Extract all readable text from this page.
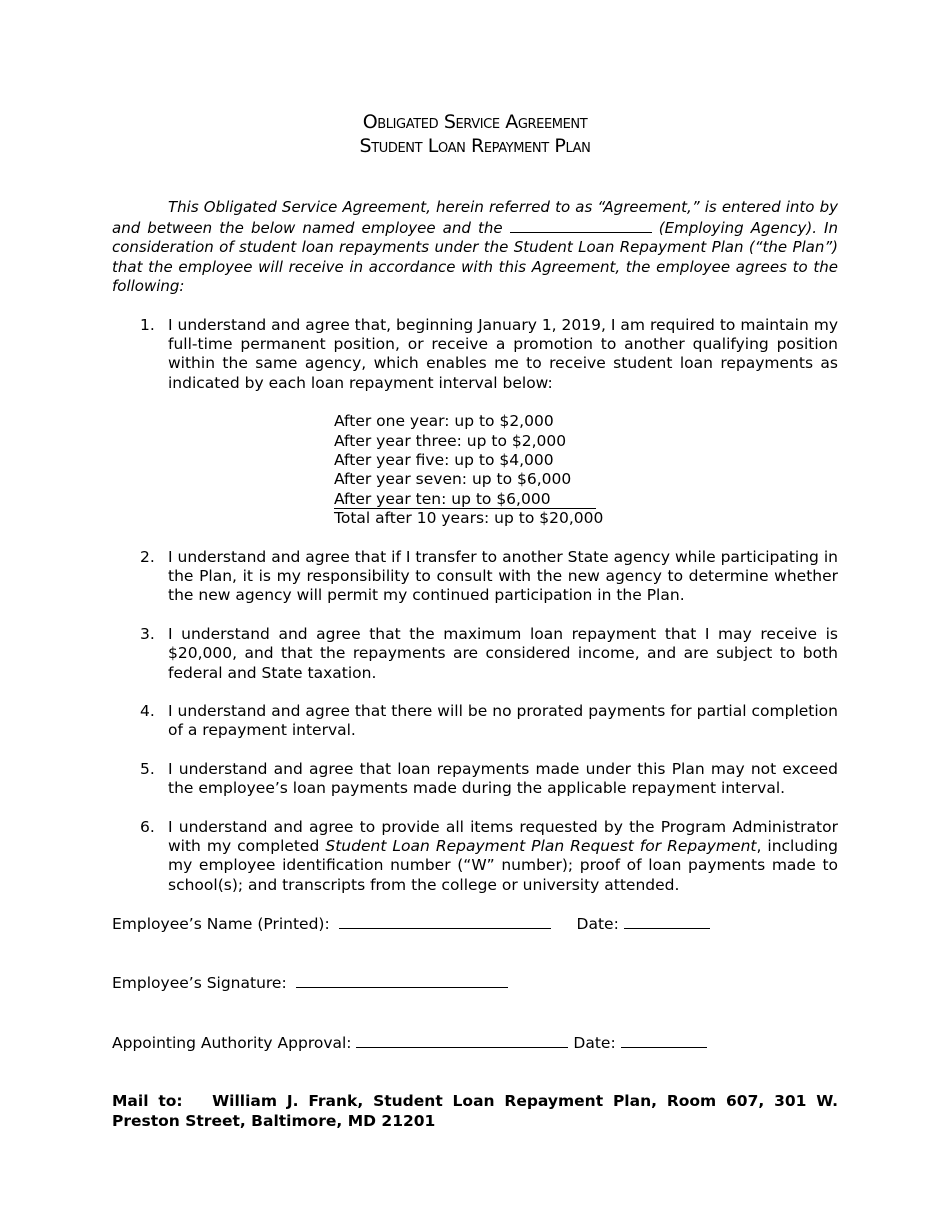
Obligated Service Agreement
Student Loan Repayment Plan
This Obligated Service Agreement, herein referred to as “Agreement,” is entered into by and between the below named employee and the	(Employing Agency). In consideration of student loan repayments under the Student Loan Repayment Plan (“the Plan”) that the employee will receive in accordance with this Agreement, the employee agrees to the following:
1. I understand and agree that, beginning January 1, 2019, I am required to maintain my full-time permanent position, or receive a promotion to another qualifying position within the same agency, which enables me to receive student loan repayments as indicated by each loan repayment interval below:
After one year: up to $2,000
After year three: up to $2,000
After year five: up to $4,000
After year seven: up to $6,000
After year ten: up to $6,000
Total after 10 years: up to $20,000
2. I understand and agree that if I transfer to another State agency while participating in the Plan, it is my responsibility to consult with the new agency to determine whether the new agency will permit my continued participation in the Plan.
3. I understand and agree that the maximum loan repayment that I may receive is $20,000, and that the repayments are considered income, and are subject to both federal and State taxation.
4. I understand and agree that there will be no prorated payments for partial completion of a repayment interval.
5. I understand and agree that loan repayments made under this Plan may not exceed the employee’s loan payments made during the applicable repayment interval.
6. I understand and agree to provide all items requested by the Program Administrator with my completed Student Loan Repayment Plan Request for Repayment, including my employee identification number (“W” number); proof of loan payments made to school(s); and transcripts from the college or university attended.
Employee’s Name (Printed):	Date:
Employee’s Signature:
Appointing Authority Approval:	Date:
Mail to: William J. Frank, Student Loan Repayment Plan, Room 607, 301 W. Preston Street, Baltimore, MD 21201
